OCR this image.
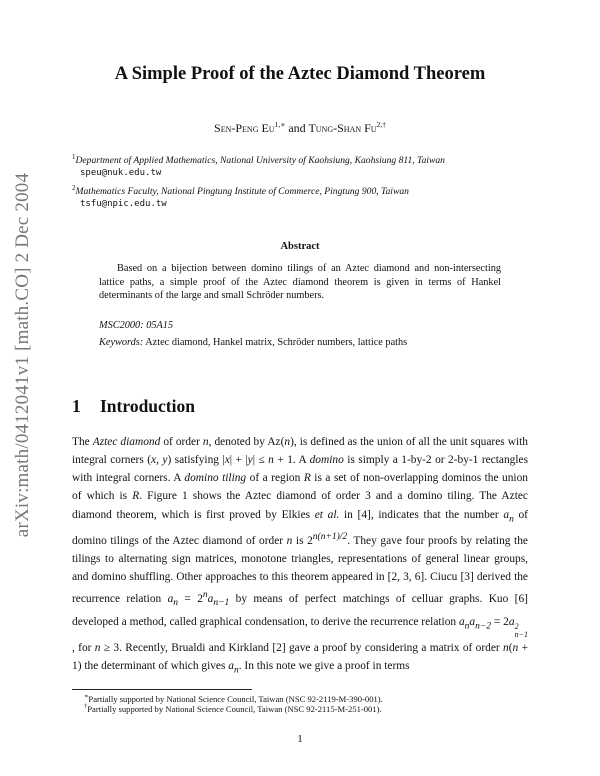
arXiv:math/0412041v1 [math.CO] 2 Dec 2004
A Simple Proof of the Aztec Diamond Theorem
Sen-Peng $Eu^{1,∗}$ and Tung-Shan $Fu^{2,\dagger}$
$^1$Department of Applied Mathematics, National University of Kaohsiung, Kaohsiung 811, Taiwan
speu@nuk.edu.tw
$^2$Mathematics Faculty, National Pingtung Institute of Commerce, Pingtung 900, Taiwan
tsfu@npic.edu.tw
Abstract

Based on a bijection between domino tilings of an Aztec diamond and non-intersecting lattice paths, a simple proof of the Aztec diamond theorem is given in terms of Hankel determinants of the large and small Schröder numbers.

MSC2000: 05A15
Keywords: Aztec diamond, Hankel matrix, Schröder numbers, lattice paths
1 Introduction

The Aztec diamond of order n, denoted by Az(n), is defined as the union of all the unit squares with integral corners (x, y) satisfying |x| + |y| ≤ n + 1. A domino is simply a 1-by-2 or 2-by-1 rectangles with integral corners. A domino tiling of a region R is a set of non-overlapping dominos the union of which is R. Figure 1 shows the Aztec diamond of order 3 and a domino tiling. The Aztec diamond theorem, which is first proved by Elkies et al. in [4], indicates that the number $a_n$ of domino tilings of the Aztec diamond of order n is $2^{n(n+1)/2}$. They gave four proofs by relating the tilings to alternating sign matrices, monotone triangles, representations of general linear groups, and domino shuffling. Other approaches to this theorem appeared in [2, 3, 6]. Ciucu [3] derived the recurrence relation $a_n = 2^na_{n-1}$ by means of perfect matchings of celluar graphs. Kuo [6] developed a method, called graphical condensation, to derive the recurrence relation $a_na_{n-2} = 2a$ 2
n−1
, for n ≥ 3. Recently, Brualdi and Kirkland [2] gave a proof by considering a matrix of order n(n + 1) the determinant of which gives $a_n$. In this note we give a proof in terms

∗Partially supported by National Science Council, Taiwan (NSC 92-2119-M-390-001).
†Partially supported by National Science Council, Taiwan (NSC 92-2115-M-251-001).
1
